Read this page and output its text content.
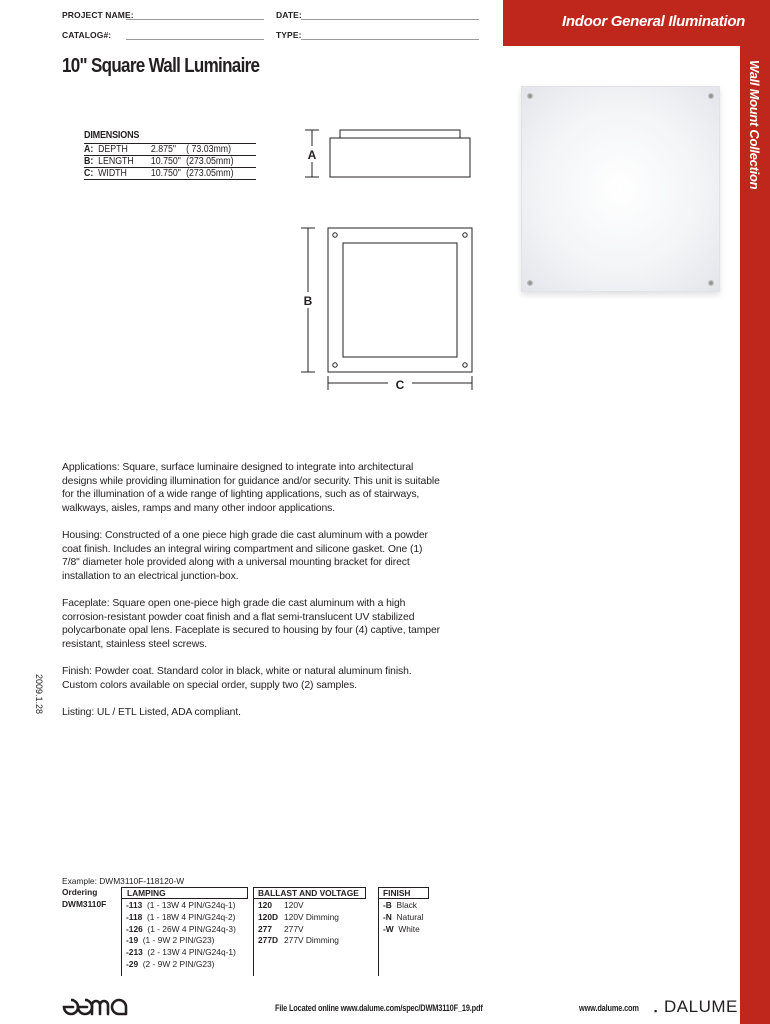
PROJECT NAME:
CATALOG#:
DATE:
TYPE:
Indoor General Ilumination
Wall Mount Collection
10" Square Wall Luminaire
DIMENSIONS
A: DEPTH	2.875"	( 73.03mm)
B: LENGTH	10.750" (273.05mm)
C: WIDTH	10.750" (273.05mm)
A
B
C
Applications: Square, surface luminaire designed to integrate into architectural designs while providing illumination for guidance and/or security. This unit is suitable for the illumination of a wide range of lighting applications, such as of stairways, walkways, aisles, ramps and many other indoor applications.
Housing: Constructed of a one piece high grade die cast aluminum with a powder coat finish. Includes an integral wiring compartment and silicone gasket. One (1) 7/8" diameter hole provided along with a universal mounting bracket for direct installation to an electrical junction-box.
Faceplate: Square open one-piece high grade die cast aluminum with a high corrosion-resistant powder coat finish and a flat semi-translucent UV stabilized polycarbonate opal lens. Faceplate is secured to housing by four (4) captive, tamper resistant, stainless steel screws.
Finish: Powder coat. Standard color in black, white or natural aluminum finish. Custom colors available on special order, supply two (2) samples.
Listing: UL / ETL Listed, ADA compliant.
2009.1.28
Example: DWM3110F-118120-W
Ordering
DWM3110F
LAMPING
-113 (1 - 13W 4 PIN/G24q-1)
-118 (1 - 18W 4 PIN/G24q-2)
-126 (1 - 26W 4 PIN/G24q-3)
-19 (1 - 9W 2 PIN/G23)
-213 (2 - 13W 4 PIN/G24q-1)
-29 (2 - 9W 2 PIN/G23)
BALLAST AND VOLTAGE
120 120V
120D 120V Dimming
277 277V
277D 277V Dimming
FINISH
-B Black
-N Natural
-W White
File Located online www.dalume.com/spec/DWM3110F_19.pdf	www.dalume.com ▪ DALUME
